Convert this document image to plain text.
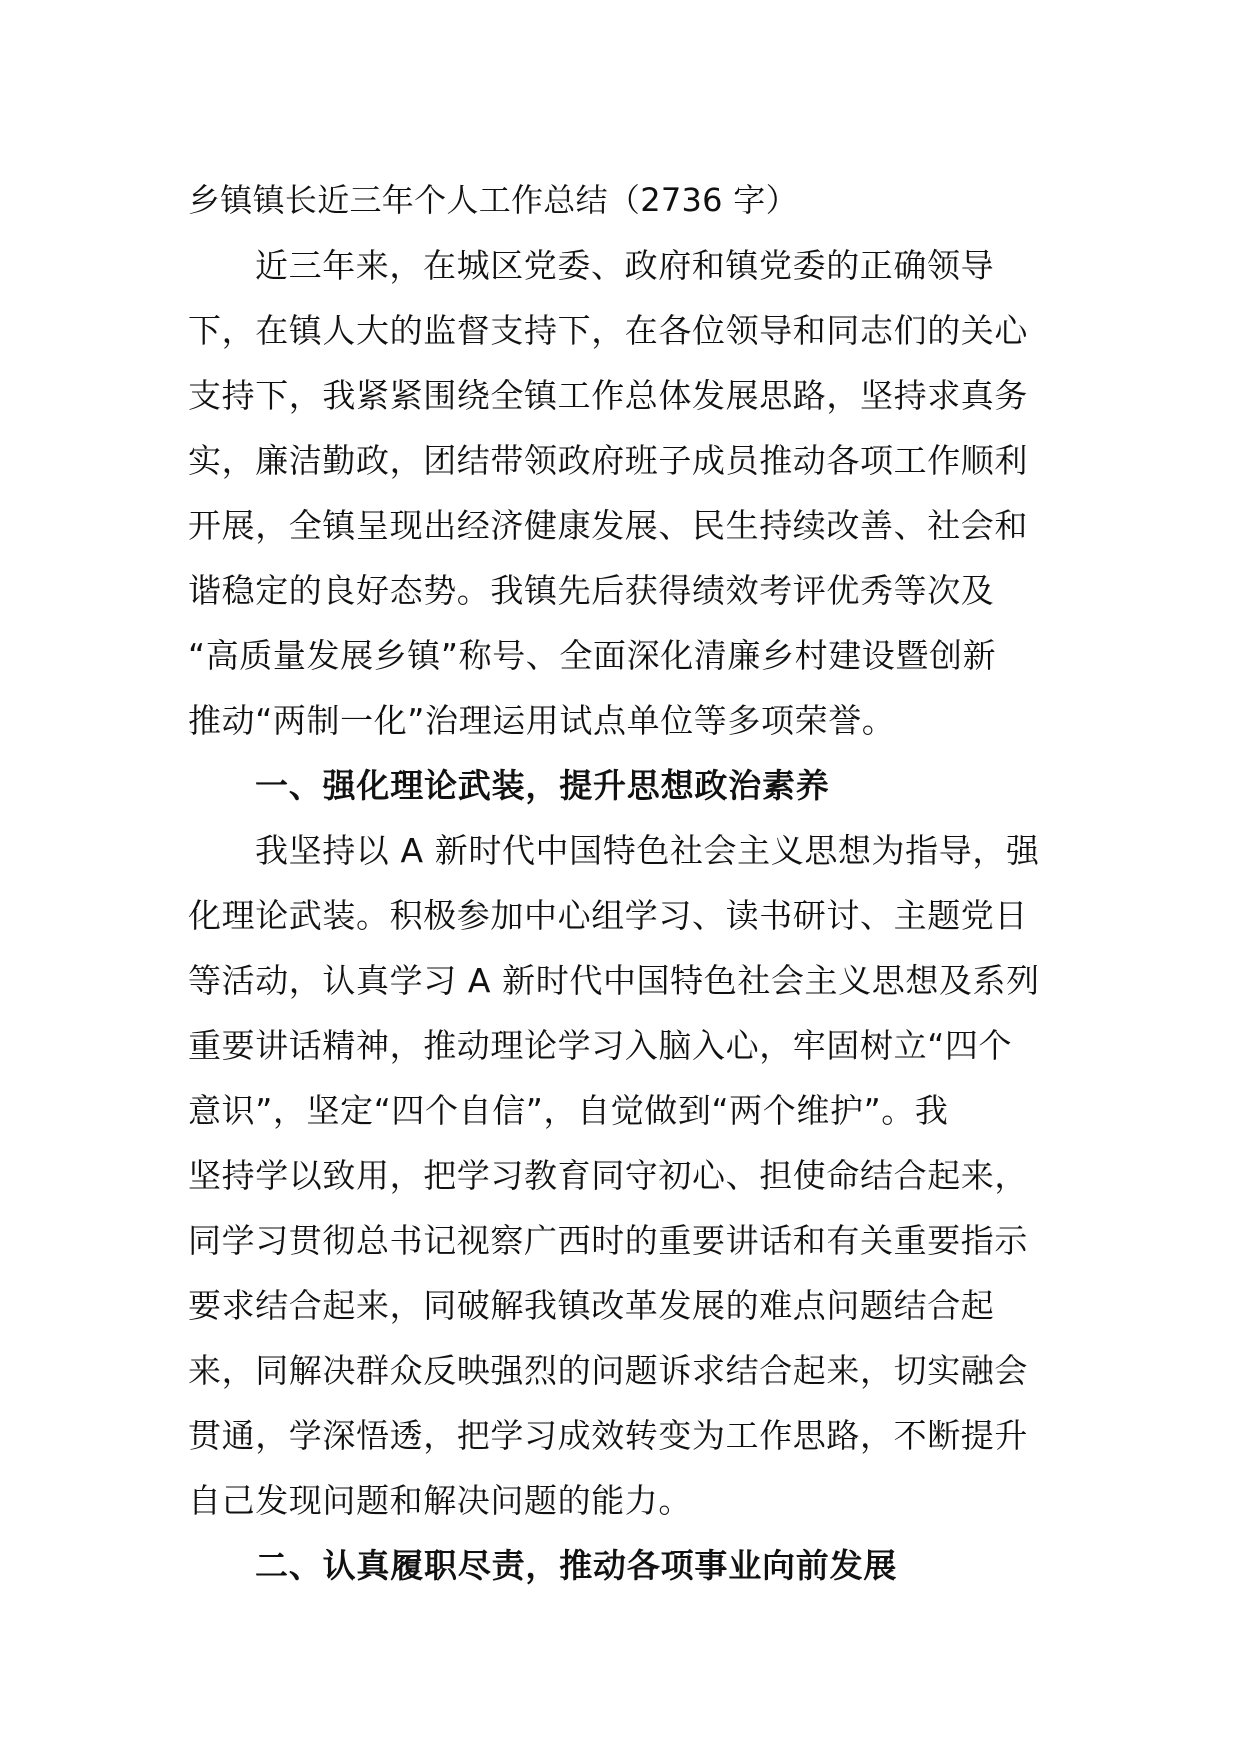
乡镇镇长近三年个人工作总结（2736 字）
近三年来，在城区党委、政府和镇党委的正确领导
下，在镇人大的监督支持下，在各位领导和同志们的关心
支持下，我紧紧围绕全镇工作总体发展思路，坚持求真务
实，廉洁勤政，团结带领政府班子成员推动各项工作顺利
开展，全镇呈现出经济健康发展、民生持续改善、社会和
谐稳定的良好态势。我镇先后获得绩效考评优秀等次及
“高质量发展乡镇”称号、全面深化清廉乡村建设暨创新
推动“两制一化”治理运用试点单位等多项荣誉。
一、强化理论武装，提升思想政治素养
我坚持以 A 新时代中国特色社会主义思想为指导，强
化理论武装。积极参加中心组学习、读书研讨、主题党日
等活动，认真学习 A 新时代中国特色社会主义思想及系列
重要讲话精神，推动理论学习入脑入心，牢固树立“四个
意识”，坚定“四个自信”，自觉做到“两个维护”。我
坚持学以致用，把学习教育同守初心、担使命结合起来，
同学习贯彻总书记视察广西时的重要讲话和有关重要指示
要求结合起来，同破解我镇改革发展的难点问题结合起
来，同解决群众反映强烈的问题诉求结合起来，切实融会
贯通，学深悟透，把学习成效转变为工作思路，不断提升
自己发现问题和解决问题的能力。
二、认真履职尽责，推动各项事业向前发展
